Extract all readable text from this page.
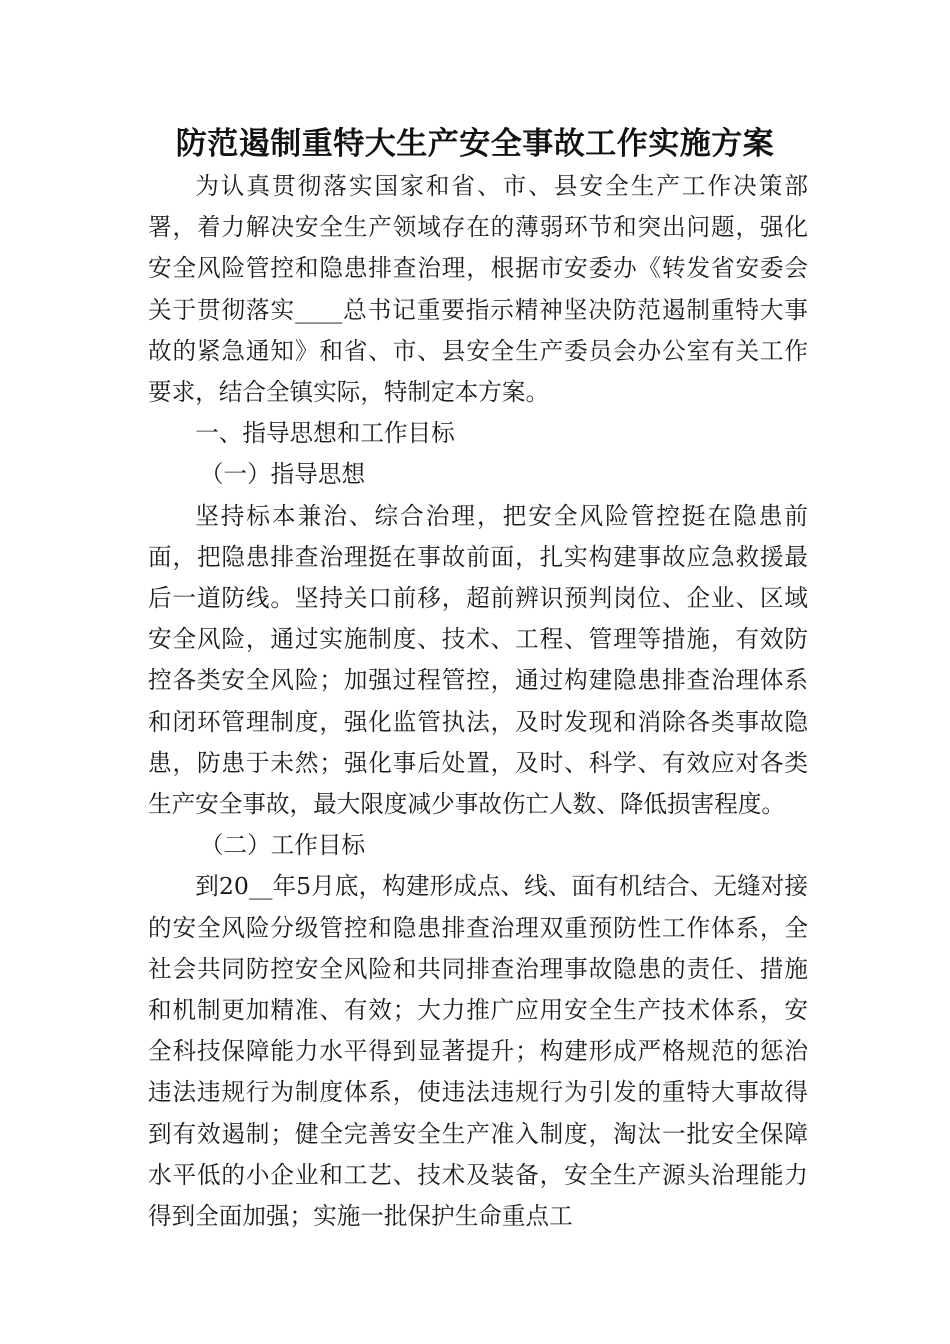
防范遏制重特大生产安全事故工作实施方案

为认真贯彻落实国家和省、市、县安全生产工作决策部署，着力解决安全生产领域存在的薄弱环节和突出问题，强化安全风险管控和隐患排查治理，根据市安委办《转发省安委会关于贯彻落实____总书记重要指示精神坚决防范遏制重特大事故的紧急通知》和省、市、县安全生产委员会办公室有关工作要求，结合全镇实际，特制定本方案。

一、指导思想和工作目标

（一）指导思想

坚持标本兼治、综合治理，把安全风险管控挺在隐患前面，把隐患排查治理挺在事故前面，扎实构建事故应急救援最后一道防线。坚持关口前移，超前辨识预判岗位、企业、区域安全风险，通过实施制度、技术、工程、管理等措施，有效防控各类安全风险；加强过程管控，通过构建隐患排查治理体系和闭环管理制度，强化监管执法，及时发现和消除各类事故隐患，防患于未然；强化事后处置，及时、科学、有效应对各类生产安全事故，最大限度减少事故伤亡人数、降低损害程度。

（二）工作目标

到20__年5月底，构建形成点、线、面有机结合、无缝对接的安全风险分级管控和隐患排查治理双重预防性工作体系，全社会共同防控安全风险和共同排查治理事故隐患的责任、措施和机制更加精准、有效；大力推广应用安全生产技术体系，安全科技保障能力水平得到显著提升；构建形成严格规范的惩治违法违规行为制度体系，使违法违规行为引发的重特大事故得到有效遏制；健全完善安全生产准入制度，淘汰一批安全保障水平低的小企业和工艺、技术及装备，安全生产源头治理能力得到全面加强；实施一批保护生命重点工
